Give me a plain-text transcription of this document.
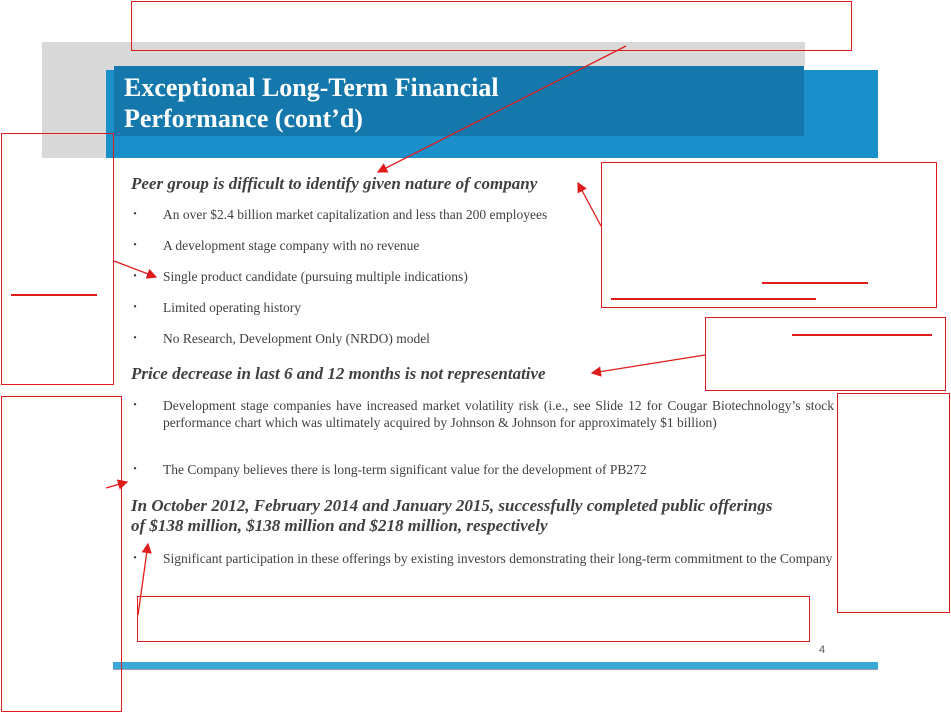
Exceptional Long-Term Financial
Performance (cont’d)
Peer group is difficult to identify given nature of company
• An over $2.4 billion market capitalization and less than 200 employees
• A development stage company with no revenue
• Single product candidate (pursuing multiple indications)
• Limited operating history
• No Research, Development Only (NRDO) model
Price decrease in last 6 and 12 months is not representative
• Development stage companies have increased market volatility risk (i.e., see Slide 12 for Cougar Biotechnology’s stock performance chart which was ultimately acquired by Johnson & Johnson for approximately $1 billion)
• The Company believes there is long-term significant value for the development of PB272
In October 2012, February 2014 and January 2015, successfully completed public offerings
of $138 million, $138 million and $218 million, respectively
• Significant participation in these offerings by existing investors demonstrating their long-term commitment to the Company
4
